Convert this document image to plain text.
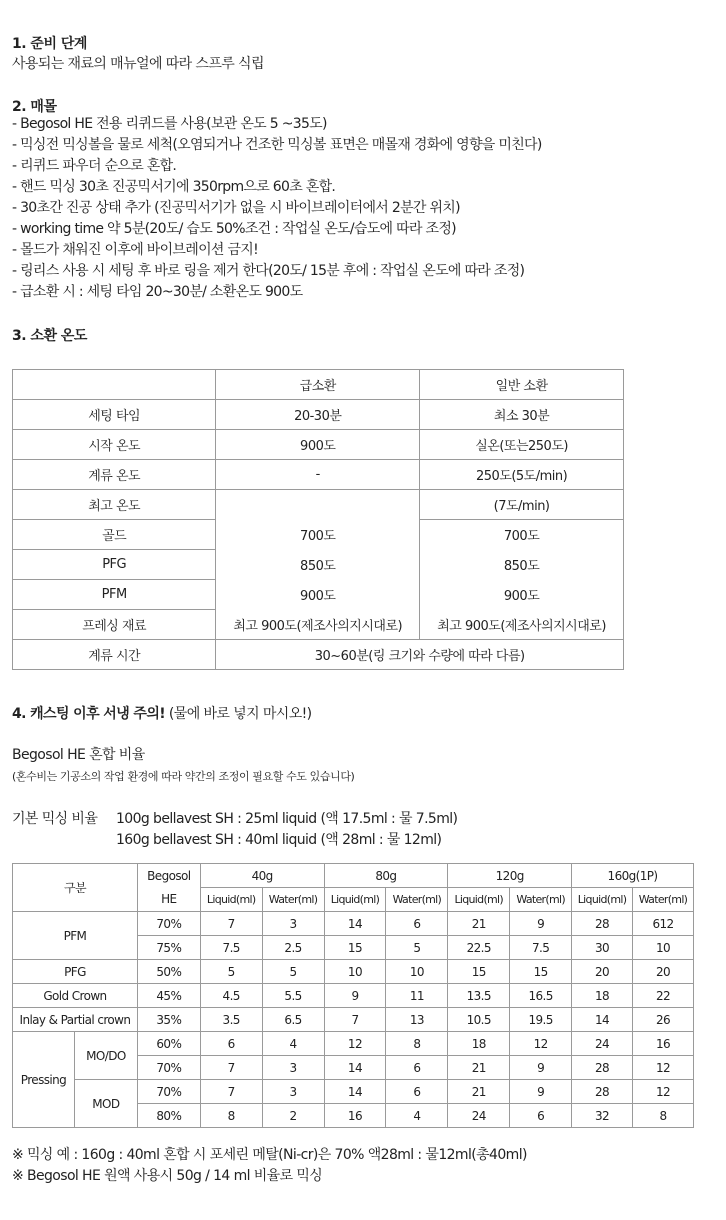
1. 준비 단계
사용되는 재료의 매뉴얼에 따라 스프루 식립
2. 매몰
- Begosol HE 전용 리퀴드를 사용(보관 온도 5 ~35도)
- 믹싱전 믹싱볼을 물로 세척(오염되거나 건조한 믹싱볼 표면은 매몰재 경화에 영향을 미친다)
- 리퀴드 파우더 순으로 혼합.
- 핸드 믹싱 30초 진공믹서기에 350rpm으로 60초 혼합.
- 30초간 진공 상태 추가 (진공믹서기가 없을 시 바이브레이터에서 2분간 위치)
- working time 약 5분(20도/ 습도 50%조건 : 작업실 온도/습도에 따라 조정)
- 몰드가 채워진 이후에 바이브레이션 금지!
- 링리스 사용 시 세팅 후 바로 링을 제거 한다(20도/ 15분 후에 : 작업실 온도에 따라 조정)
- 급소환 시 : 세팅 타임 20~30분/ 소환온도 900도
3. 소환 온도
	급소환	일반 소환
세팅 타임	20-30분	최소 30분
시작 온도	900도	실온(또는250도)
계류 온도	-	250도(5도/min)
최고 온도		(7도/min)
골드	700도	700도
PFG	850도	850도
PFM	900도	900도
프레싱 재료	최고 900도(제조사의지시대로)	최고 900도(제조사의지시대로)
계류 시간	30~60분(링 크기와 수량에 따라 다름)	
4. 캐스팅 이후 서냉 주의! (물에 바로 넣지 마시오!)
Begosol HE 혼합 비율
(혼수비는 기공소의 작업 환경에 따라 약간의 조정이 필요할 수도 있습니다)
기본 믹싱 비율 100g bellavest SH : 25ml liquid (액 17.5ml : 물 7.5ml)
160g bellavest SH : 40ml liquid (액 28ml : 물 12ml)
구분		Begosol	40g		80g		120g		160g(1P)	
		HE	Liquid(ml)	Water(ml)	Liquid(ml)	Water(ml)	Liquid(ml)	Water(ml)	Liquid(ml)	Water(ml)
PFM		70%	7	3	14	6	21	9	28	612
		75%	7.5	2.5	15	5	22.5	7.5	30	10
PFG		50%	5	5	10	10	15	15	20	20
Gold Crown		45%	4.5	5.5	9	11	13.5	16.5	18	22
Inlay & Partial crown		35%	3.5	6.5	7	13	10.5	19.5	14	26
Pressing	MO/DO	60%	6	4	12	8	18	12	24	16
		70%	7	3	14	6	21	9	28	12
	MOD	70%	7	3	14	6	21	9	28	12
		80%	8	2	16	4	24	6	32	8
※ 믹싱 예 : 160g : 40ml 혼합 시 포세린 메탈(Ni-cr)은 70% 액28ml : 물12ml(총40ml)
※ Begosol HE 원액 사용시 50g / 14 ml 비율로 믹싱
